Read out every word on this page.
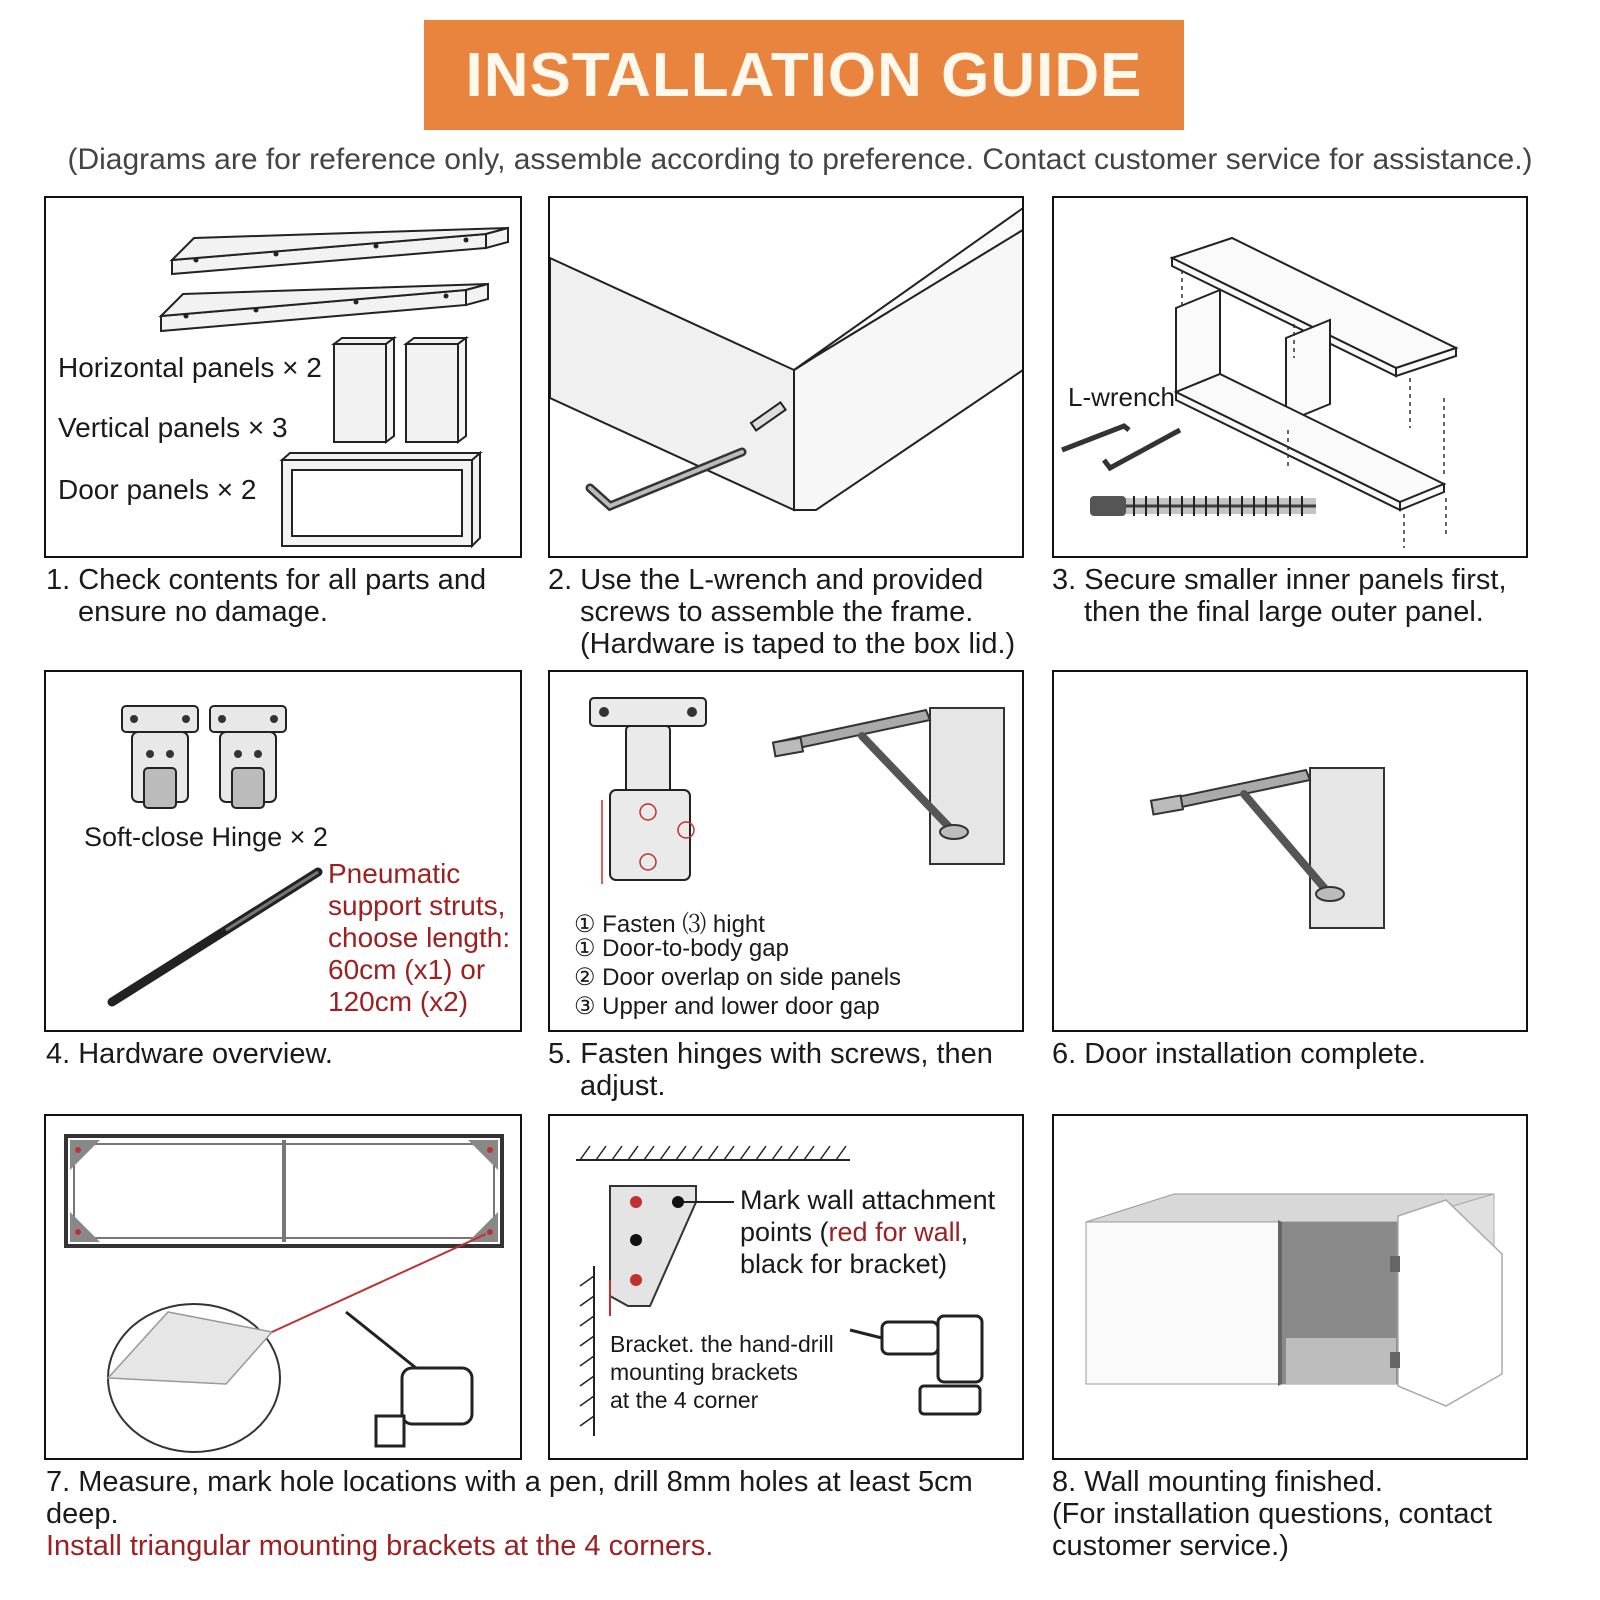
INSTALLATION GUIDE
(Diagrams are for reference only, assemble according to preference. Contact customer service for assistance.)
Horizontal panels × 2
Vertical panels × 3
Door panels × 2
1. Check contents for all parts and
ensure no damage.
2. Use the L-wrench and provided
screws to assemble the frame.
(Hardware is taped to the box lid.)
L-wrench
3. Secure smaller inner panels first,
then the final large outer panel.
Soft-close Hinge × 2
Pneumatic
support struts,
choose length:
60cm (x1) or
120cm (x2)
4. Hardware overview.
① Fasten ⑶ hight
① Door-to-body gap
② Door overlap on side panels
③ Upper and lower door gap
5. Fasten hinges with screws, then
adjust.
6. Door installation complete.
7. Measure, mark hole locations with a pen, drill 8mm holes at least 5cm
deep.
Install triangular mounting brackets at the 4 corners.
Mark wall attachment
points (red for wall,
black for bracket)
Bracket. the hand-drill
mounting brackets
at the 4 corner
8. Wall mounting finished.
(For installation questions, contact
customer service.)
